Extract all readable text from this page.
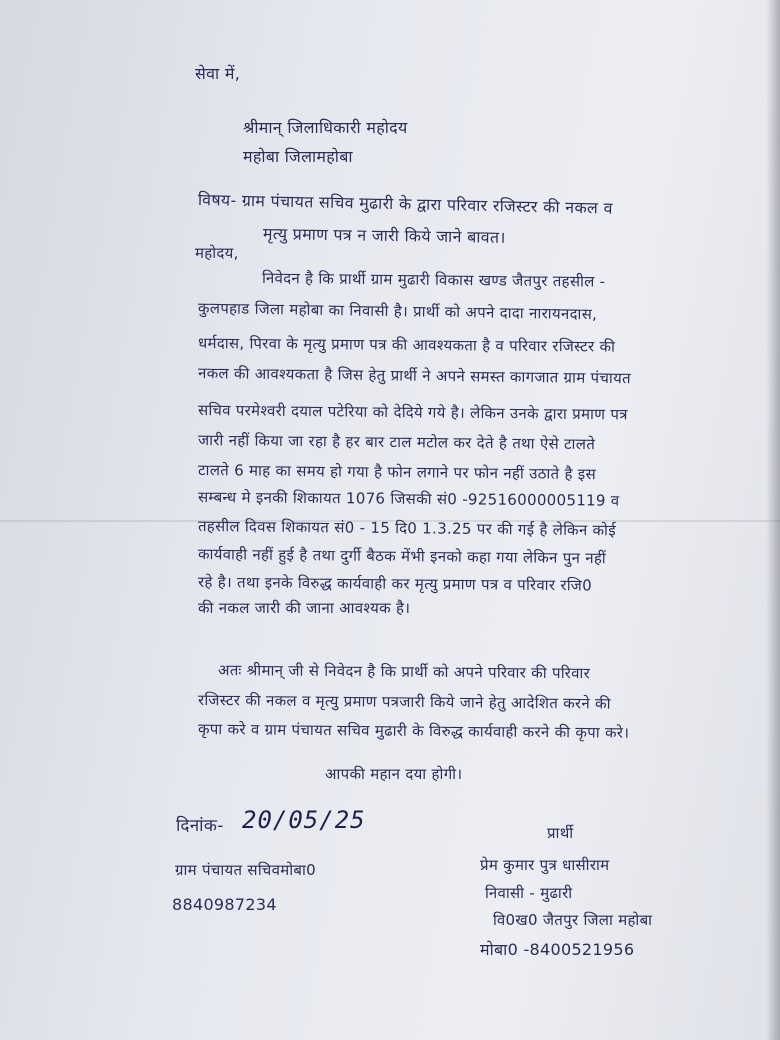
सेवा में,
श्रीमान् जिलाधिकारी महोदय
महोबा जिलामहोबा
विषय- ग्राम पंचायत सचिव मुढारी के द्वारा परिवार रजिस्टर की नकल व
मृत्यु प्रमाण पत्र न जारी किये जाने बावत।
महोदय,
निवेदन है कि प्रार्थी ग्राम मुढारी विकास खण्ड जैतपुर तहसील -
कुलपहाड जिला महोबा का निवासी है। प्रार्थी को अपने दादा नारायनदास,
धर्मदास, पिरवा के मृत्यु प्रमाण पत्र की आवश्यकता है व परिवार रजिस्टर की
नकल की आवश्यकता है जिस हेतु प्रार्थी ने अपने समस्त कागजात ग्राम पंचायत
सचिव परमेश्वरी दयाल पटेरिया को देदिये गये है। लेकिन उनके द्वारा प्रमाण पत्र
जारी नहीं किया जा रहा है हर बार टाल मटोल कर देते है तथा ऐसे टालते
टालते 6 माह का समय हो गया है फोन लगाने पर फोन नहीं उठाते है इस
सम्बन्ध मे इनकी शिकायत 1076 जिसकी सं0 -92516000005119 व
तहसील दिवस शिकायत सं0 - 15 दि0 1.3.25 पर की गई है लेकिन कोई
कार्यवाही नहीं हुई है तथा दुर्गी बैठक मेंभी इनको कहा गया लेकिन पुन नहीं
रहे है। तथा इनके विरुद्ध कार्यवाही कर मृत्यु प्रमाण पत्र व परिवार रजि0
की नकल जारी की जाना आवश्यक है।
अतः श्रीमान् जी से निवेदन है कि प्रार्थी को अपने परिवार की परिवार
रजिस्टर की नकल व मृत्यु प्रमाण पत्रजारी किये जाने हेतु आदेशित करने की
कृपा करे व ग्राम पंचायत सचिव मुढारी के विरुद्ध कार्यवाही करने की कृपा करे।
आपकी महान दया होगी।
दिनांक- 20/05/25	प्रार्थी
ग्राम पंचायत सचिवमोबा0
8840987234
प्रेम कुमार पुत्र धासीराम
निवासी - मुढारी
वि0ख0 जैतपुर जिला महोबा
मोबा0 -8400521956
